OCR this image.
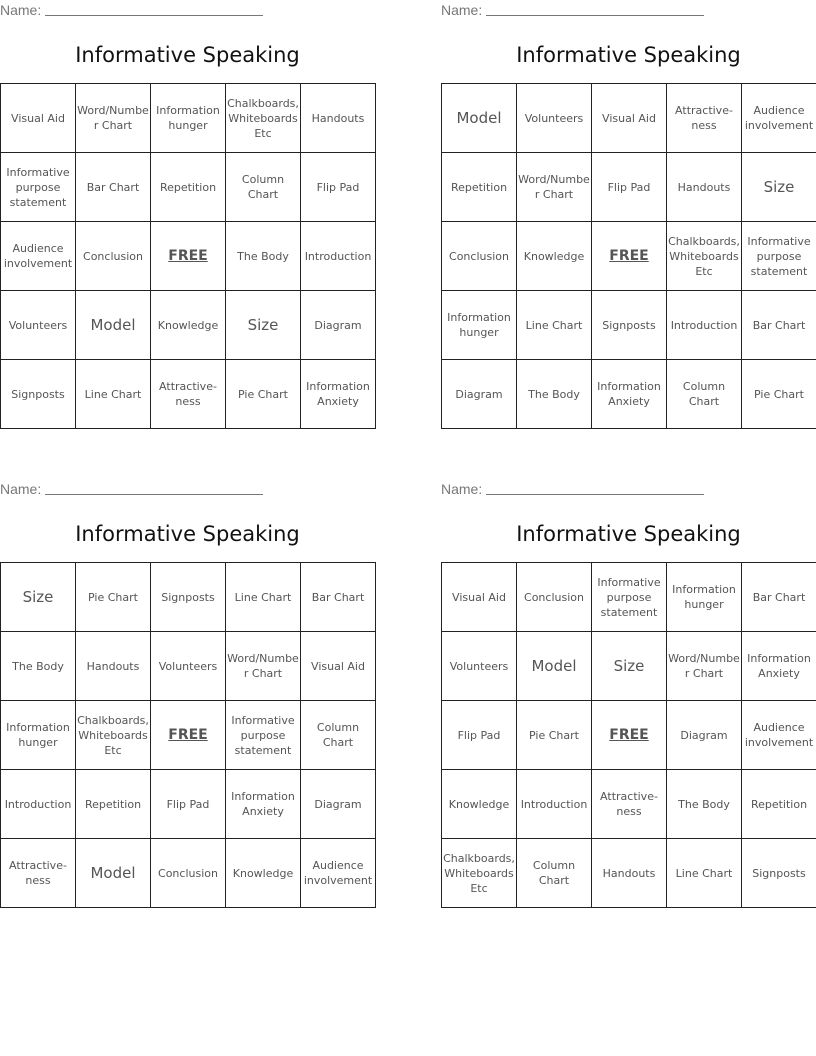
Name:
Informative Speaking
Visual Aid	Word/Number Chart	Information hunger	Chalkboards, Whiteboards Etc	Handouts
Informative purpose statement	Bar Chart	Repetition	Column Chart	Flip Pad
Audience involvement	Conclusion	FREE	The Body	Introduction
Volunteers	Model	Knowledge	Size	Diagram
Signposts	Line Chart	Attractive-ness	Pie Chart	Information Anxiety
Name:
Informative Speaking
Model	Volunteers	Visual Aid	Attractive-ness	Audience involvement
Repetition	Word/Number Chart	Flip Pad	Handouts	Size
Conclusion	Knowledge	FREE	Chalkboards, Whiteboards Etc	Informative purpose statement
Information hunger	Line Chart	Signposts	Introduction	Bar Chart
Diagram	The Body	Information Anxiety	Column Chart	Pie Chart
Name:
Informative Speaking
Size	Pie Chart	Signposts	Line Chart	Bar Chart
The Body	Handouts	Volunteers	Word/Number Chart	Visual Aid
Information hunger	Chalkboards, Whiteboards Etc	FREE	Informative purpose statement	Column Chart
Introduction	Repetition	Flip Pad	Information Anxiety	Diagram
Attractive-ness	Model	Conclusion	Knowledge	Audience involvement
Name:
Informative Speaking
Visual Aid	Conclusion	Informative purpose statement	Information hunger	Bar Chart
Volunteers	Model	Size	Word/Number Chart	Information Anxiety
Flip Pad	Pie Chart	FREE	Diagram	Audience involvement
Knowledge	Introduction	Attractive-ness	The Body	Repetition
Chalkboards, Whiteboards Etc	Column Chart	Handouts	Line Chart	Signposts
